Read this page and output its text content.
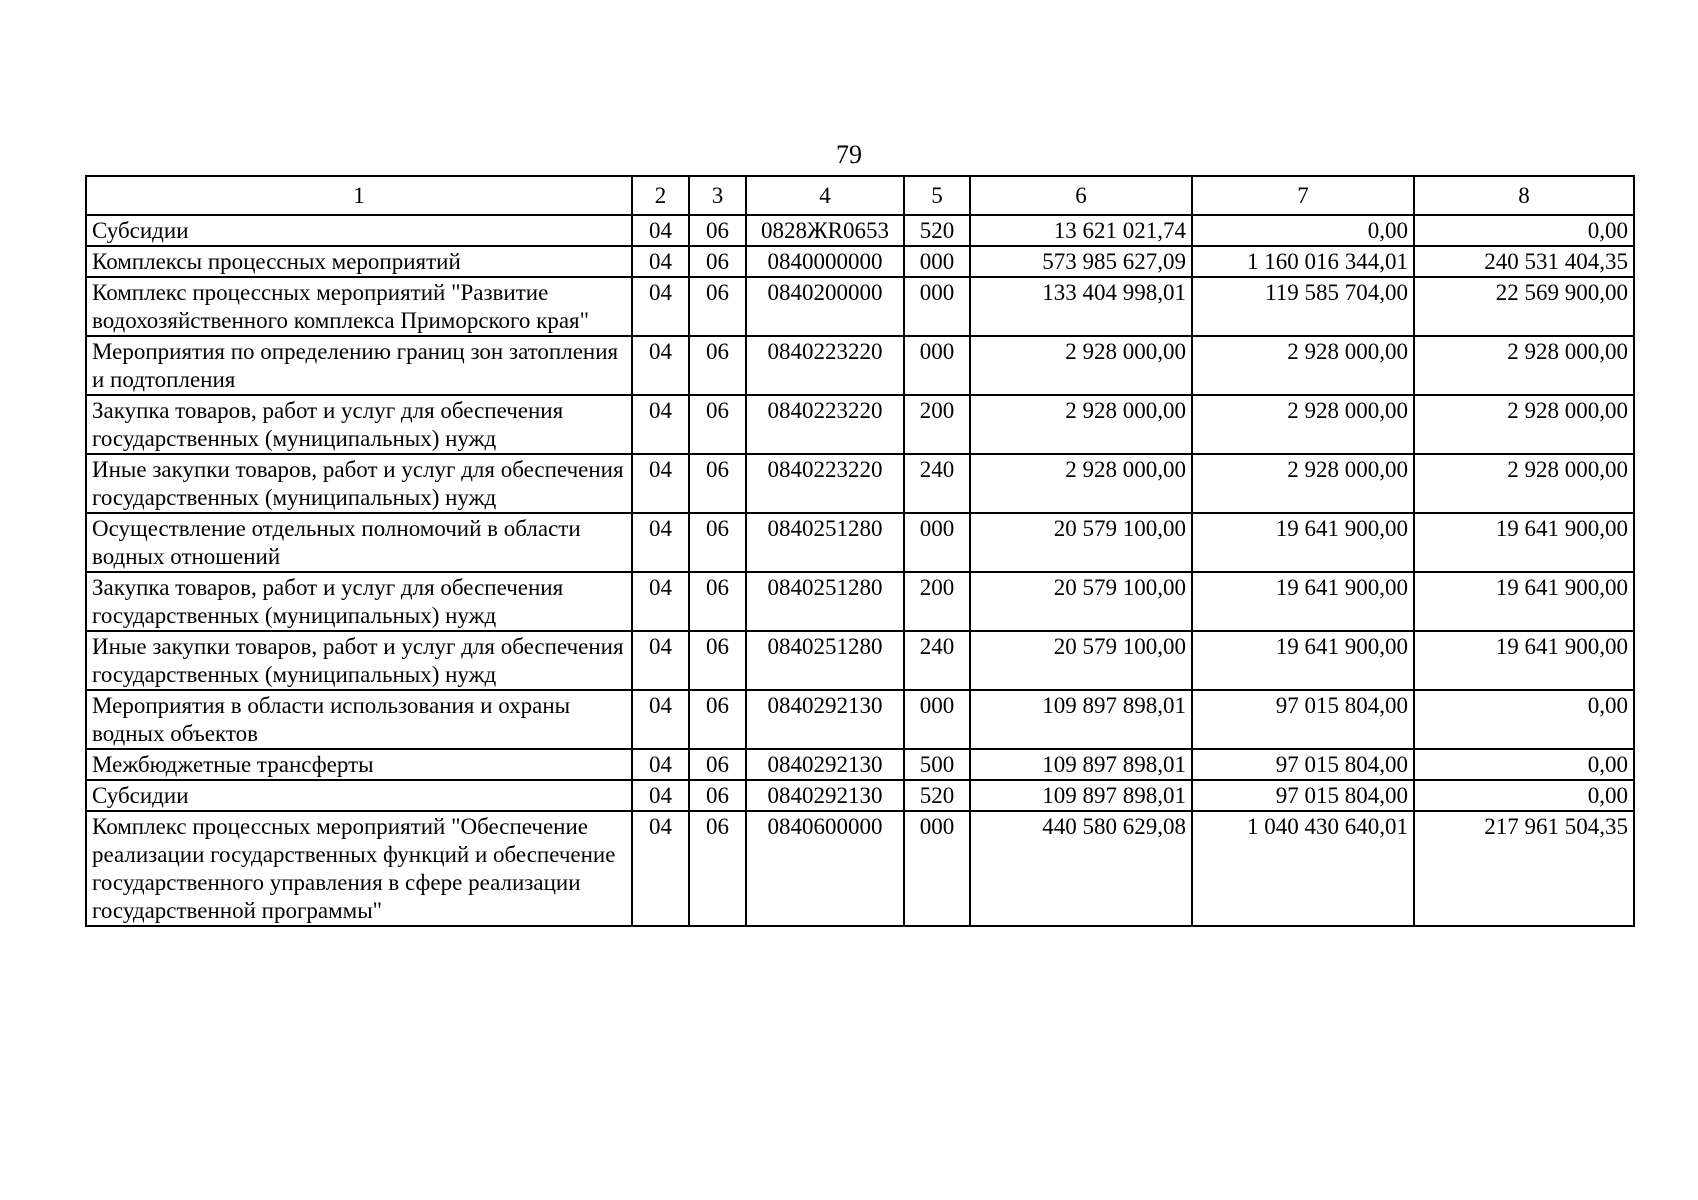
79
1	2	3	4	5	6	7	8
Субсидии	04	06	0828ЖR0653	520	13 621 021,74	0,00	0,00
Комплексы процессных мероприятий	04	06	0840000000	000	573 985 627,09	1 160 016 344,01	240 531 404,35
Комплекс процессных мероприятий "Развитие водохозяйственного комплекса Приморского края"	04	06	0840200000	000	133 404 998,01	119 585 704,00	22 569 900,00
Мероприятия по определению границ зон затопления и подтопления	04	06	0840223220	000	2 928 000,00	2 928 000,00	2 928 000,00
Закупка товаров, работ и услуг для обеспечения государственных (муниципальных) нужд	04	06	0840223220	200	2 928 000,00	2 928 000,00	2 928 000,00
Иные закупки товаров, работ и услуг для обеспечения государственных (муниципальных) нужд	04	06	0840223220	240	2 928 000,00	2 928 000,00	2 928 000,00
Осуществление отдельных полномочий в области водных отношений	04	06	0840251280	000	20 579 100,00	19 641 900,00	19 641 900,00
Закупка товаров, работ и услуг для обеспечения государственных (муниципальных) нужд	04	06	0840251280	200	20 579 100,00	19 641 900,00	19 641 900,00
Иные закупки товаров, работ и услуг для обеспечения государственных (муниципальных) нужд	04	06	0840251280	240	20 579 100,00	19 641 900,00	19 641 900,00
Мероприятия в области использования и охраны водных объектов	04	06	0840292130	000	109 897 898,01	97 015 804,00	0,00
Межбюджетные трансферты	04	06	0840292130	500	109 897 898,01	97 015 804,00	0,00
Субсидии	04	06	0840292130	520	109 897 898,01	97 015 804,00	0,00
Комплекс процессных мероприятий "Обеспечение реализации государственных функций и обеспечение государственного управления в сфере реализации государственной программы"	04	06	0840600000	000	440 580 629,08	1 040 430 640,01	217 961 504,35
